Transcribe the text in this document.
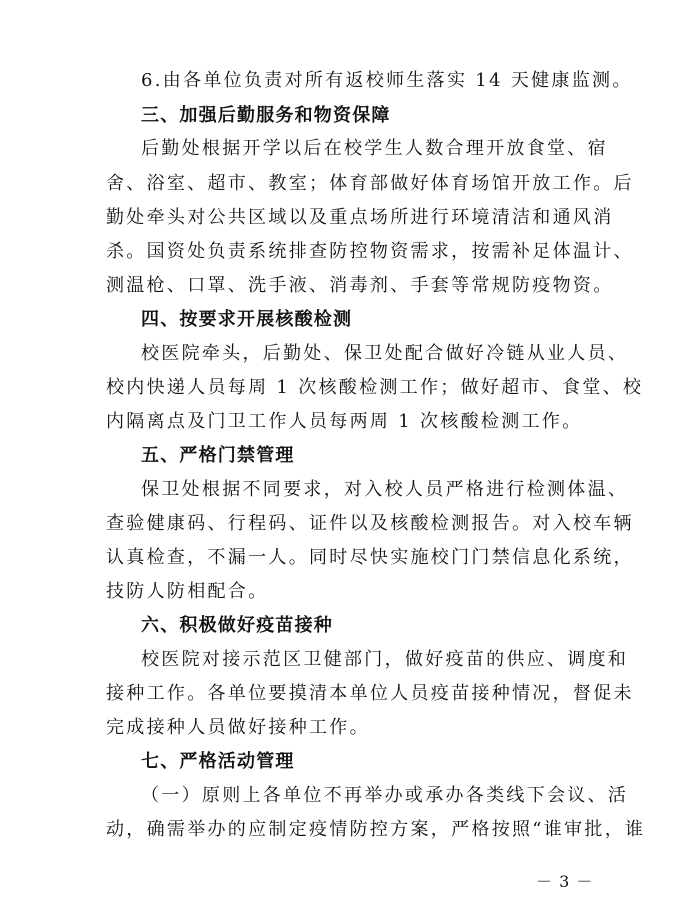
6.由各单位负责对所有返校师生落实 14 天健康监测。
三、加强后勤服务和物资保障
后勤处根据开学以后在校学生人数合理开放食堂、宿
舍、浴室、超市、教室；体育部做好体育场馆开放工作。后
勤处牵头对公共区域以及重点场所进行环境清洁和通风消
杀。国资处负责系统排查防控物资需求，按需补足体温计、
测温枪、口罩、洗手液、消毒剂、手套等常规防疫物资。
四、按要求开展核酸检测
校医院牵头，后勤处、保卫处配合做好冷链从业人员、
校内快递人员每周 1 次核酸检测工作；做好超市、食堂、校
内隔离点及门卫工作人员每两周 1 次核酸检测工作。
五、严格门禁管理
保卫处根据不同要求，对入校人员严格进行检测体温、
查验健康码、行程码、证件以及核酸检测报告。对入校车辆
认真检查，不漏一人。同时尽快实施校门门禁信息化系统，
技防人防相配合。
六、积极做好疫苗接种
校医院对接示范区卫健部门，做好疫苗的供应、调度和
接种工作。各单位要摸清本单位人员疫苗接种情况，督促未
完成接种人员做好接种工作。
七、严格活动管理
（一）原则上各单位不再举办或承办各类线下会议、活
动，确需举办的应制定疫情防控方案，严格按照“谁审批，谁
－ 3 －
